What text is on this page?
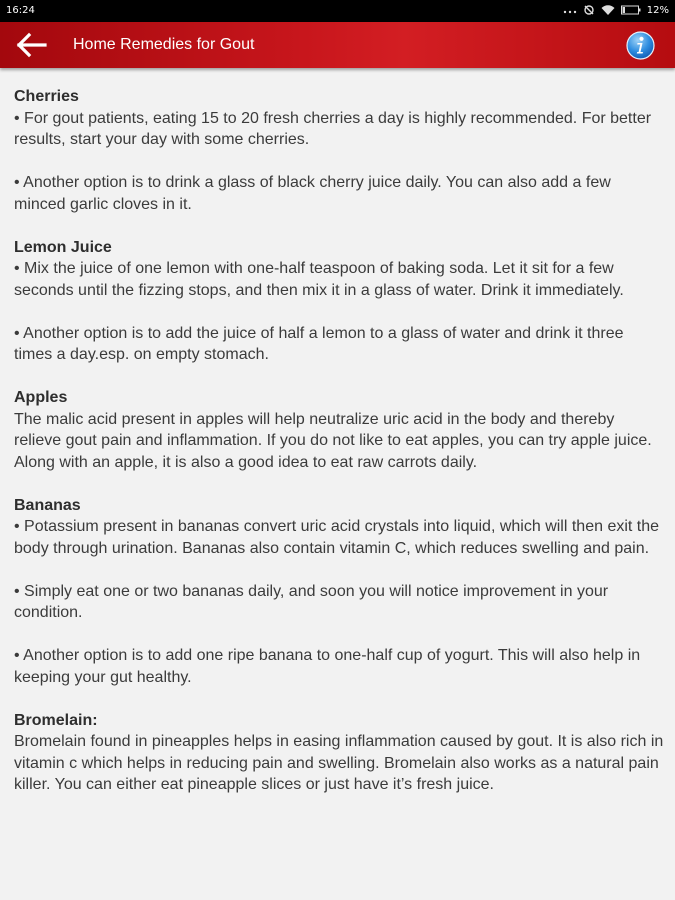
16:24	12%
Home Remedies for Gout
Cherries

• For gout patients, eating 15 to 20 fresh cherries a day is highly recommended. For better results, start your day with some cherries.

• Another option is to drink a glass of black cherry juice daily. You can also add a few minced garlic cloves in it.

Lemon Juice

• Mix the juice of one lemon with one-half teaspoon of baking soda. Let it sit for a few seconds until the fizzing stops, and then mix it in a glass of water. Drink it immediately.

• Another option is to add the juice of half a lemon to a glass of water and drink it three times a day.esp. on empty stomach.

Apples

The malic acid present in apples will help neutralize uric acid in the body and thereby relieve gout pain and inflammation. If you do not like to eat apples, you can try apple juice. Along with an apple, it is also a good idea to eat raw carrots daily.

Bananas

• Potassium present in bananas convert uric acid crystals into liquid, which will then exit the body through urination. Bananas also contain vitamin C, which reduces swelling and pain.

• Simply eat one or two bananas daily, and soon you will notice improvement in your condition.

• Another option is to add one ripe banana to one-half cup of yogurt. This will also help in keeping your gut healthy.

Bromelain:

Bromelain found in pineapples helps in easing inflammation caused by gout. It is also rich in vitamin c which helps in reducing pain and swelling. Bromelain also works as a natural pain killer. You can either eat pineapple slices or just have it’s fresh juice.
